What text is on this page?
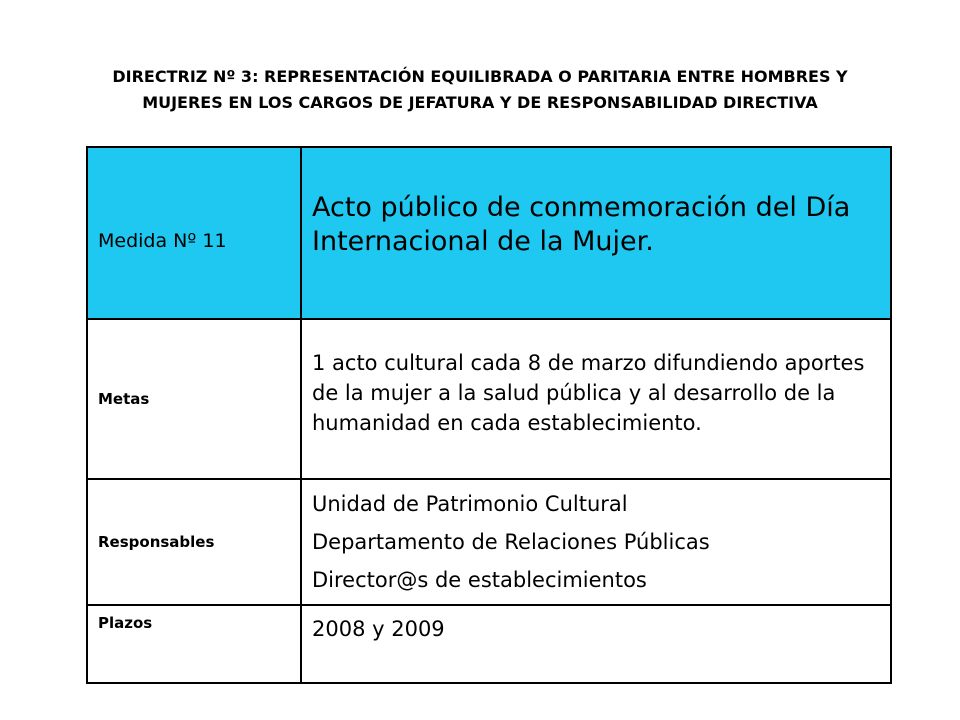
DIRECTRIZ Nº 3: REPRESENTACIÓN EQUILIBRADA O PARITARIA ENTRE HOMBRES Y
MUJERES EN LOS CARGOS DE JEFATURA Y DE RESPONSABILIDAD DIRECTIVA
Medida Nº 11	Acto público de conmemoración del Día Internacional de la Mujer.
Metas	1 acto cultural cada 8 de marzo difundiendo aportes de la mujer a la salud pública y al desarrollo de la humanidad en cada establecimiento.
Responsables	Unidad de Patrimonio Cultural
Departamento de Relaciones Públicas
Director@s de establecimientos

Plazos	2008 y 2009
